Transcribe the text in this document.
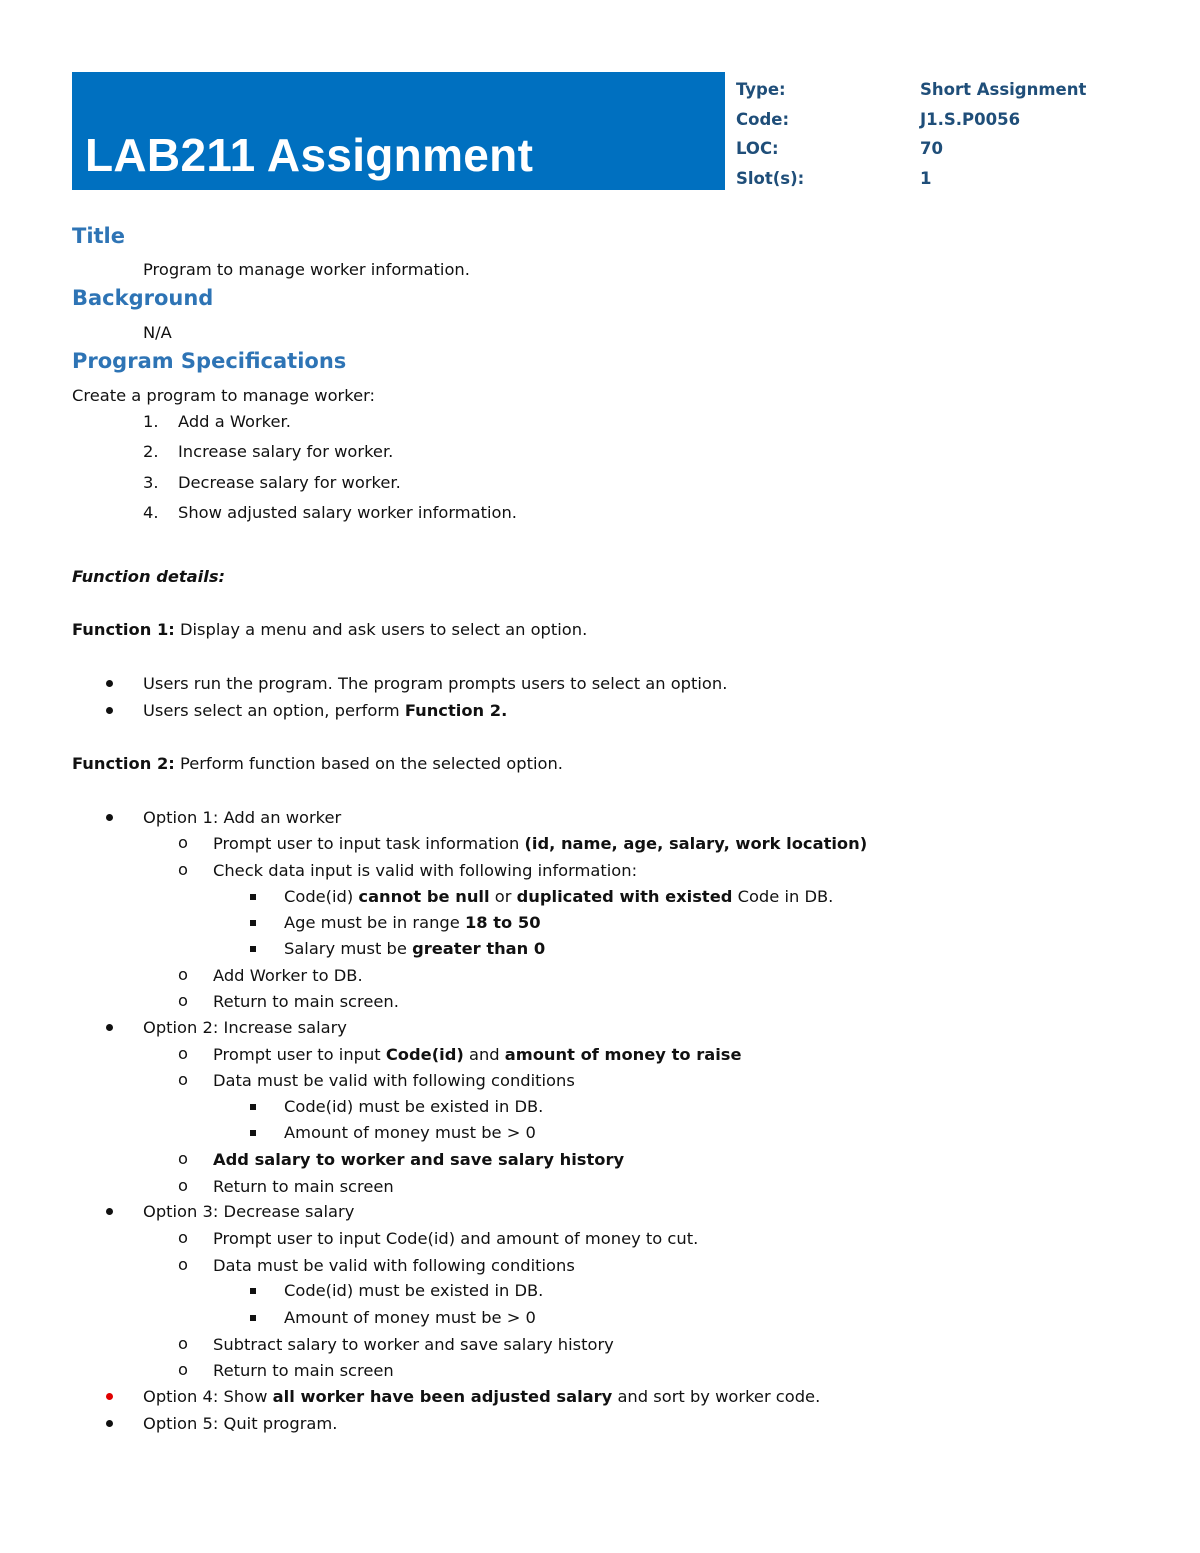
LAB211 Assignment
Type:	Short Assignment
Code:	J1.S.P0056
LOC:	70
Slot(s):	1
Title
Program to manage worker information.
Background
N/A
Program Specifications
Create a program to manage worker:
1. Add a Worker.
2. Increase salary for worker.
3. Decrease salary for worker.
4. Show adjusted salary worker information.
Function details:
Function 1: Display a menu and ask users to select an option.
Users run the program. The program prompts users to select an option.
Users select an option, perform Function 2.
Function 2: Perform function based on the selected option.
Option 1: Add an worker
o Prompt user to input task information (id, name, age, salary, work location)
o Check data input is valid with following information:
Code(id) cannot be null or duplicated with existed Code in DB.
Age must be in range 18 to 50
Salary must be greater than 0
o Add Worker to DB.
o Return to main screen.
Option 2: Increase salary
o Prompt user to input Code(id) and amount of money to raise
o Data must be valid with following conditions
Code(id) must be existed in DB.
Amount of money must be > 0
o Add salary to worker and save salary history
o Return to main screen
Option 3: Decrease salary
o Prompt user to input Code(id) and amount of money to cut.
o Data must be valid with following conditions
Code(id) must be existed in DB.
Amount of money must be > 0
o Subtract salary to worker and save salary history
o Return to main screen
Option 4: Show all worker have been adjusted salary and sort by worker code.
Option 5: Quit program.
